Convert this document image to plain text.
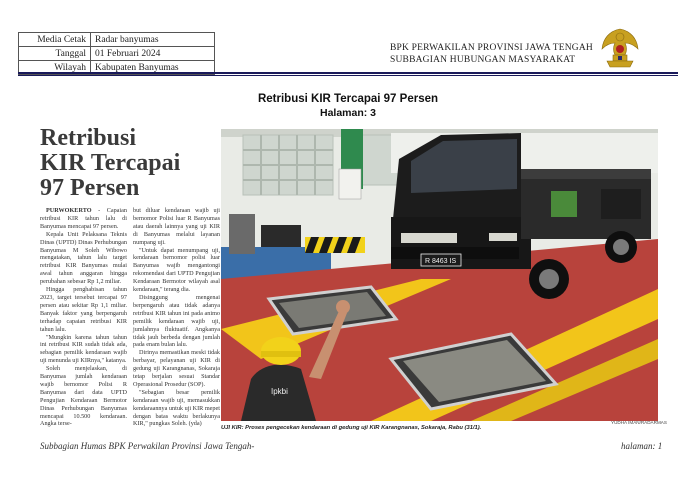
Media Cetak	Radar banyumas
Tanggal	01 Februari 2024
Wilayah	Kabupaten Banyumas
BPK PERWAKILAN PROVINSI JAWA TENGAH
SUBBAGIAN HUBUNGAN MASYARAKAT
Retribusi KIR Tercapai 97 Persen
Halaman: 3
Retribusi
KIR Tercapai
97 Persen

PURWOKERTO - Capaian retribusi KIR tahun lalu di Banyumas mencapai 97 persen.

Kepala Unit Pelaksana Teknis Dinas (UPTD) Dinas Perhubungan Banyumas M Soleh Wibowo mengatakan, tahun lalu target retribusi KIR Banyumas mulai awal tahun anggaran hingga perubahan sebesar Rp 1,2 miliar.

Hingga penghabisan tahun 2023, target tersebut tercapai 97 persen atau sekitar Rp 1,1 miliar. Banyak faktor yang berpengaruh terhadap capaian retribusi KIR tahun lalu.

"Mungkin karena tahun tahun ini retribusi KIR sudah tidak ada, sebagian pemilik kendaraan wajib uji menunda uji KIRnya," katanya.

Soleh menjelaskan, di Banyumas jumlah kendaraan wajib bernomor Polisi R Banyumas dari data UPTD Pengujian Kendaraan Bermotor Dinas Perhubungan Banyumas mencapai 10.500 kendaraan. Angka terse-

but diluar kendaraan wajib uji bernomor Polisi luar R Banyumas atau daerah lainnya yang uji KIR di Banyumas melalui layanan numpang uji.

"Untuk dapat menumpang uji, kendaraan bernomor polisi luar Banyumas wajib mengantongi rekomendasi dari UPTD Pengujian Kendaraan Bermotor wilayah asal kendaraan," terang dia.

Disinggung mengenai berpengaruh atau tidak adanya retribusi KIR tahun ini pada animo pemilik kendaraan wajib uji, jumlahnya fluktuatif. Angkanya tidak jauh berbeda dengan jumlah pada enam bulan lalu.

Dirinya memastikan meski tidak berbayar, pelayanan uji KIR di gedung uji Karangnanas, Sokaraja tetap berjalan sesuai Standar Operasional Prosedur (SOP).

"Sebagian besar pemilik kendaraan wajib uji, memasukkan kendaraannya untuk uji KIR mepet dengan batas waktu berlakunya KIR," pungkas Soleh. (yda)

Ipkbi
R 8463 IS
YUDHA IMAN/RADARMAS
UJI KIR: Proses pengecekan kendaraan di gedung uji KIR Karangnanas, Sokaraja, Rabu (31/1).
Subbagian Humas BPK Perwakilan Provinsi Jawa Tengah-	halaman: 1
